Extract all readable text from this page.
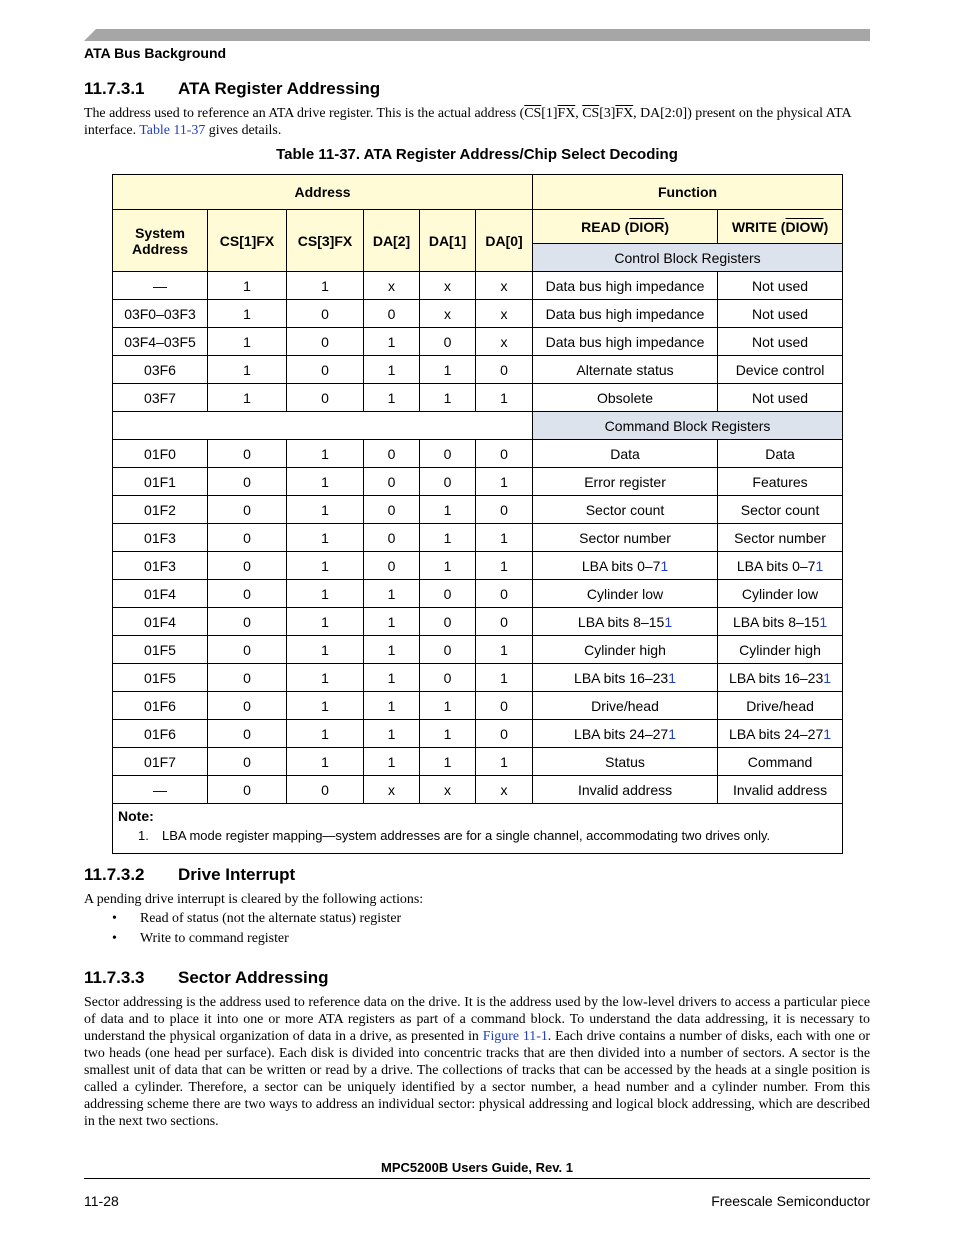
ATA Bus Background
11.7.3.1 ATA Register Addressing
The address used to reference an ATA drive register. This is the actual address ($\overline{CS}[1]\overline{FX}$, $\overline{CS}[3]\overline{FX}$, DA[2:0]) present on the physical ATA interface. Table 11-37 gives details.
Table 11-37. ATA Register Address/Chip Select Decoding
Address						Function	
System Address	CS[1]FX	CS[3]FX	DA[2]	DA[1]	DA[0]	READ (DIOR)	WRITE (DIOW)
						Control Block Registers	
—	1	1	x	x	x	Data bus high impedance	Not used
03F0–03F3	1	0	0	x	x	Data bus high impedance	Not used
03F4–03F5	1	0	1	0	x	Data bus high impedance	Not used
03F6	1	0	1	1	0	Alternate status	Device control
03F7	1	0	1	1	1	Obsolete	Not used
						Command Block Registers	
01F0	0	1	0	0	0	Data	Data
01F1	0	1	0	0	1	Error register	Features
01F2	0	1	0	1	0	Sector count	Sector count
01F3	0	1	0	1	1	Sector number	Sector number
01F3	0	1	0	1	1	LBA bits 0–71	LBA bits 0–71
01F4	0	1	1	0	0	Cylinder low	Cylinder low
01F4	0	1	1	0	0	LBA bits 8–151	LBA bits 8–151
01F5	0	1	1	0	1	Cylinder high	Cylinder high
01F5	0	1	1	0	1	LBA bits 16–231	LBA bits 16–231
01F6	0	1	1	1	0	Drive/head	Drive/head
01F6	0	1	1	1	0	LBA bits 24–271	LBA bits 24–271
01F7	0	1	1	1	1	Status	Command
—	0	0	x	x	x	Invalid address	Invalid address

Note:
1. LBA mode register mapping—system addresses are for a single channel, accommodating two drives only.							
11.7.3.2 Drive Interrupt
A pending drive interrupt is cleared by the following actions:
• Read of status (not the alternate status) register
• Write to command register
11.7.3.3 Sector Addressing
Sector addressing is the address used to reference data on the drive. It is the address used by the low-level drivers to access a particular piece of data and to place it into one or more ATA registers as part of a command block. To understand the data addressing, it is necessary to understand the physical organization of data in a drive, as presented in Figure 11-1. Each drive contains a number of disks, each with one or two heads (one head per surface). Each disk is divided into concentric tracks that are then divided into a number of sectors. A sector is the smallest unit of data that can be written or read by a drive. The collections of tracks that can be accessed by the heads at a single position is called a cylinder. Therefore, a sector can be uniquely identified by a sector number, a head number and a cylinder number. From this addressing scheme there are two ways to address an individual sector: physical addressing and logical block addressing, which are described in the next two sections.
MPC5200B Users Guide, Rev. 1
11-28	Freescale Semiconductor
